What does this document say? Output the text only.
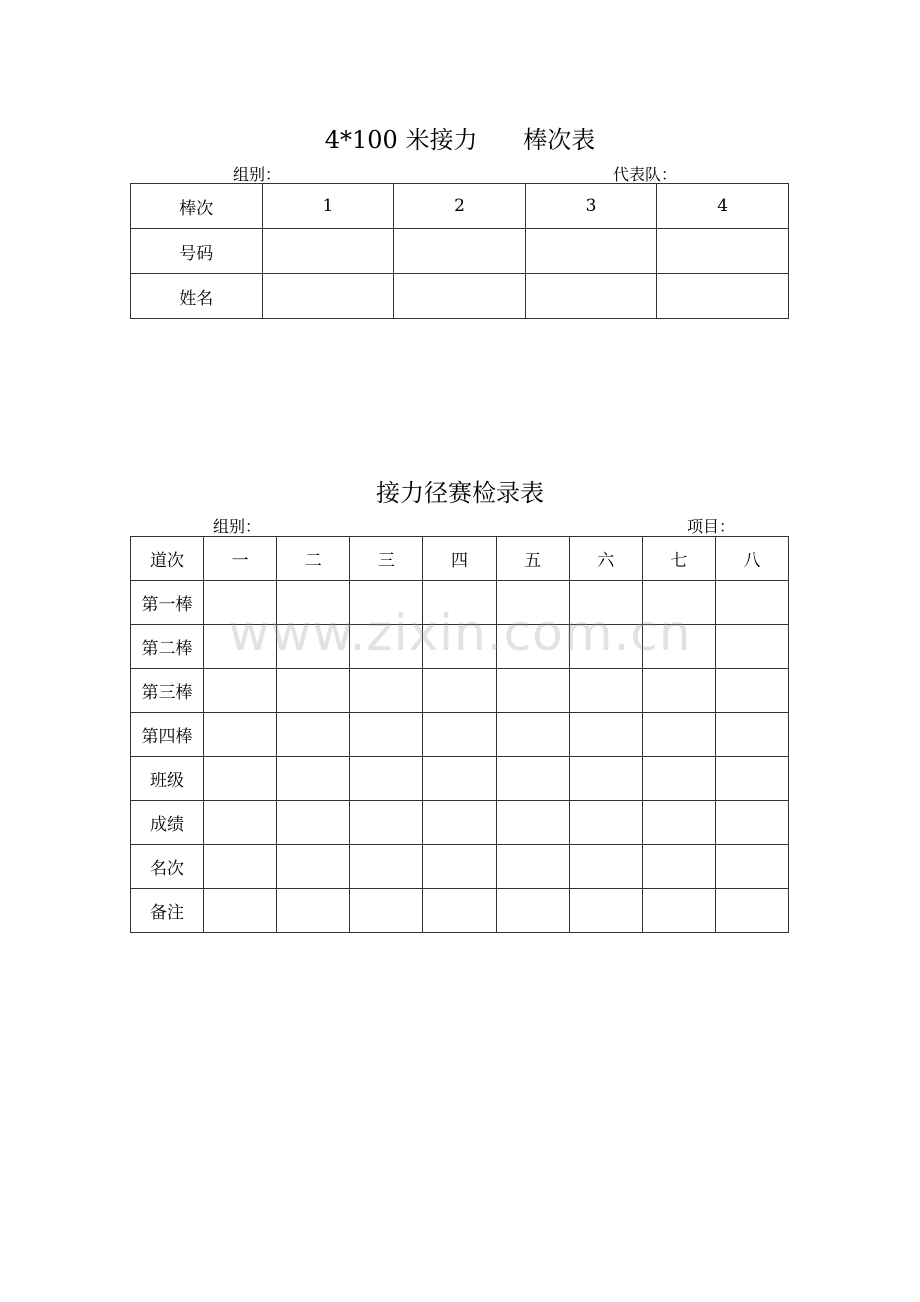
4*100 米接力      棒次表
组别：	代表队：
棒次	1	2	3	4
号码				
姓名				
接力径赛检录表
组别：	项目：
道次	一	二	三	四	五	六	七	八
第一棒								
第二棒								
第三棒								
第四棒								
班级								
成绩								
名次								
备注								
www.zixin.com.cn
